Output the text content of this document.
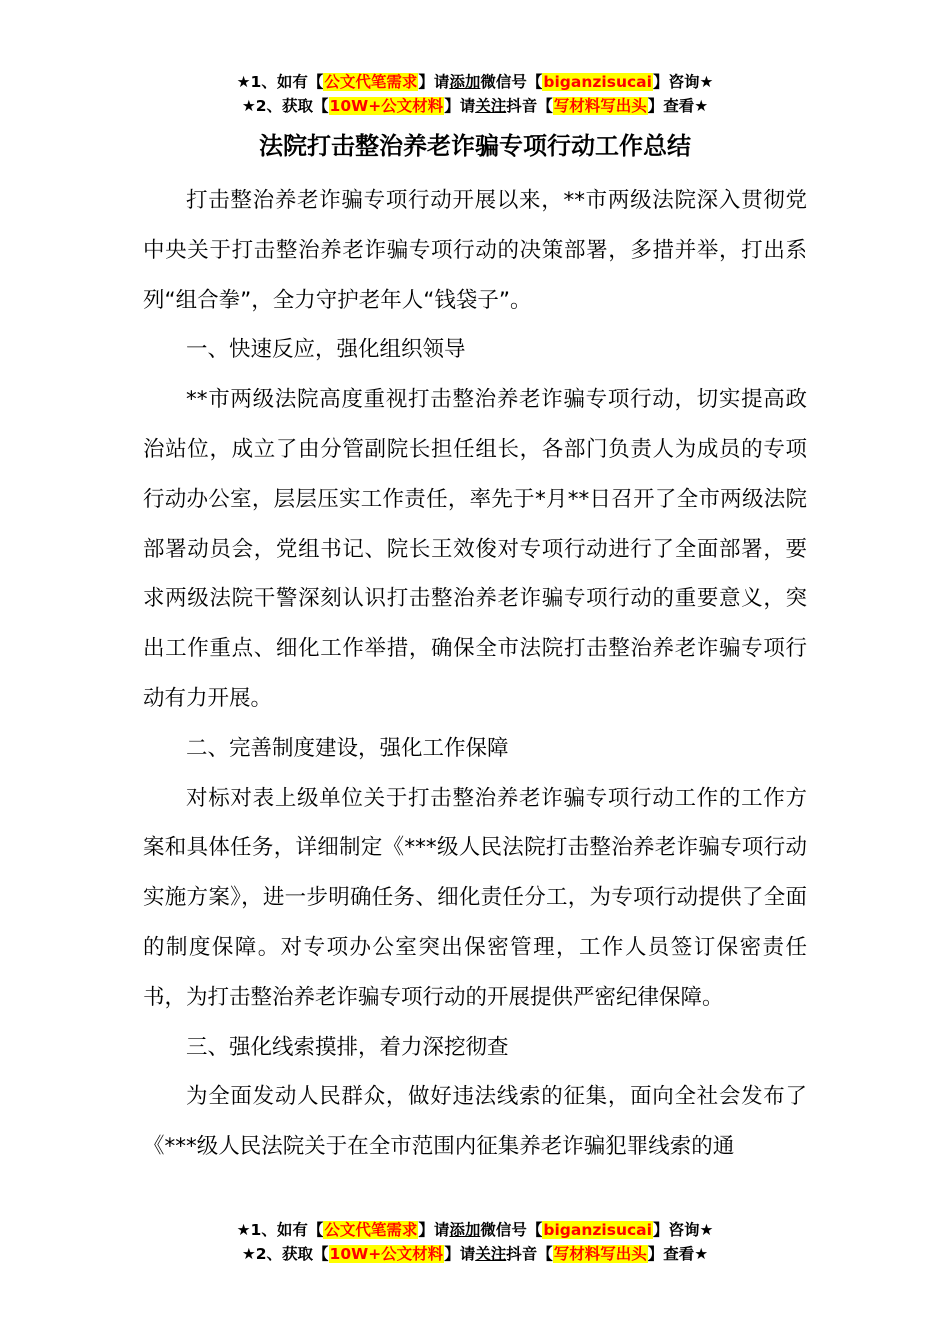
★1、如有【公文代笔需求】请添加微信号【biganzisucai】咨询★
★2、获取【10W+公文材料】请关注抖音【写材料写出头】查看★
法院打击整治养老诈骗专项行动工作总结

打击整治养老诈骗专项行动开展以来，**市两级法院深入贯彻党中央关于打击整治养老诈骗专项行动的决策部署，多措并举，打出系列“组合拳”，全力守护老年人“钱袋子”。

一、快速反应，强化组织领导

**市两级法院高度重视打击整治养老诈骗专项行动，切实提高政治站位，成立了由分管副院长担任组长，各部门负责人为成员的专项行动办公室，层层压实工作责任，率先于*月**日召开了全市两级法院部署动员会，党组书记、院长王效俊对专项行动进行了全面部署，要求两级法院干警深刻认识打击整治养老诈骗专项行动的重要意义，突出工作重点、细化工作举措，确保全市法院打击整治养老诈骗专项行动有力开展。

二、完善制度建设，强化工作保障

对标对表上级单位关于打击整治养老诈骗专项行动工作的工作方案和具体任务，详细制定《***级人民法院打击整治养老诈骗专项行动实施方案》，进一步明确任务、细化责任分工，为专项行动提供了全面的制度保障。对专项办公室突出保密管理，工作人员签订保密责任书，为打击整治养老诈骗专项行动的开展提供严密纪律保障。

三、强化线索摸排，着力深挖彻查

为全面发动人民群众，做好违法线索的征集，面向全社会发布了《***级人民法院关于在全市范围内征集养老诈骗犯罪线索的通

★1、如有【公文代笔需求】请添加微信号【biganzisucai】咨询★
★2、获取【10W+公文材料】请关注抖音【写材料写出头】查看★
